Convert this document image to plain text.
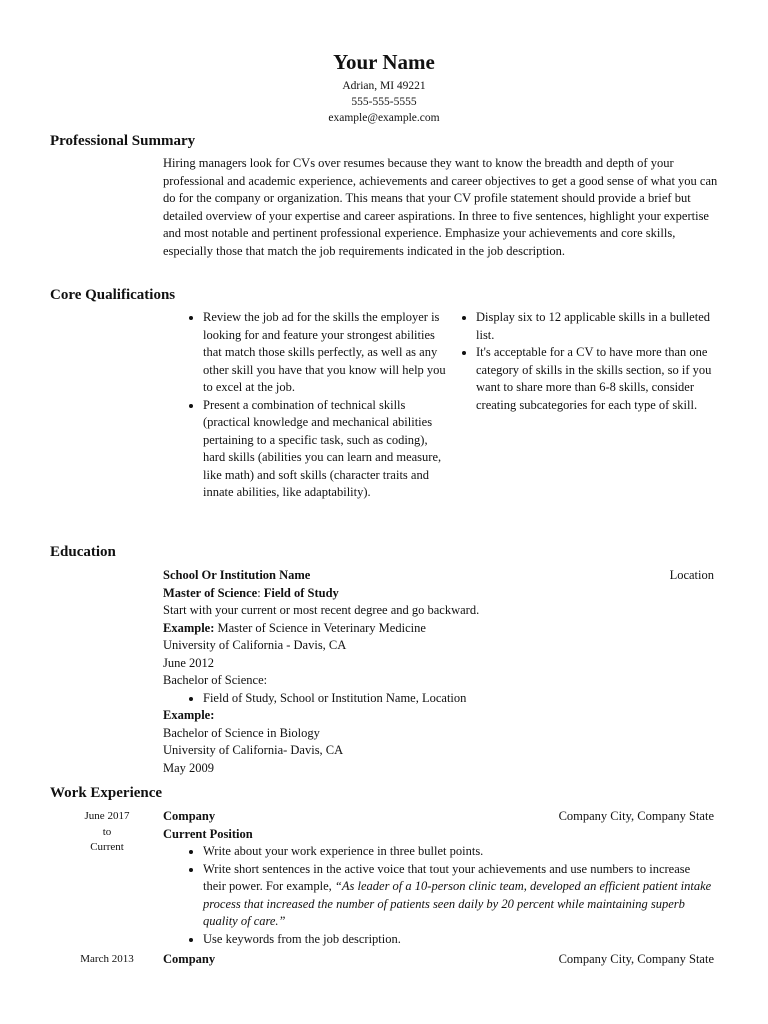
Your Name
Adrian, MI 49221
555-555-5555
example@example.com
Professional Summary
Hiring managers look for CVs over resumes because they want to know the breadth and depth of your professional and academic experience, achievements and career objectives to get a good sense of what you can do for the company or organization. This means that your CV profile statement should provide a brief but detailed overview of your expertise and career aspirations. In three to five sentences, highlight your expertise and most notable and pertinent professional experience. Emphasize your achievements and core skills, especially those that match the job requirements indicated in the job description.
Core Qualifications
• Review the job ad for the skills the employer is looking for and feature your strongest abilities that match those skills perfectly, as well as any other skill you have that you know will help you to excel at the job.
• Present a combination of technical skills (practical knowledge and mechanical abilities pertaining to a specific task, such as coding), hard skills (abilities you can learn and measure, like math) and soft skills (character traits and innate abilities, like adaptability).
• Display six to 12 applicable skills in a bulleted list.
• It's acceptable for a CV to have more than one category of skills in the skills section, so if you want to share more than 6-8 skills, consider creating subcategories for each type of skill.
Education
School Or Institution Name	Location
Master of Science: Field of Study
Start with your current or most recent degree and go backward.
Example: Master of Science in Veterinary Medicine
University of California - Davis, CA
June 2012
Bachelor of Science:
• Field of Study, School or Institution Name, Location
Example:
Bachelor of Science in Biology
University of California- Davis, CA
May 2009
Work Experience
June 2017
to
Current
Company	Company City, Company State
Current Position
• Write about your work experience in three bullet points.
• Write short sentences in the active voice that tout your achievements and use numbers to increase their power. For example, “As leader of a 10-person clinic team, developed an efficient patient intake process that increased the number of patients seen daily by 20 percent while maintaining superb quality of care.”
• Use keywords from the job description.
March 2013	Company	Company City, Company State
